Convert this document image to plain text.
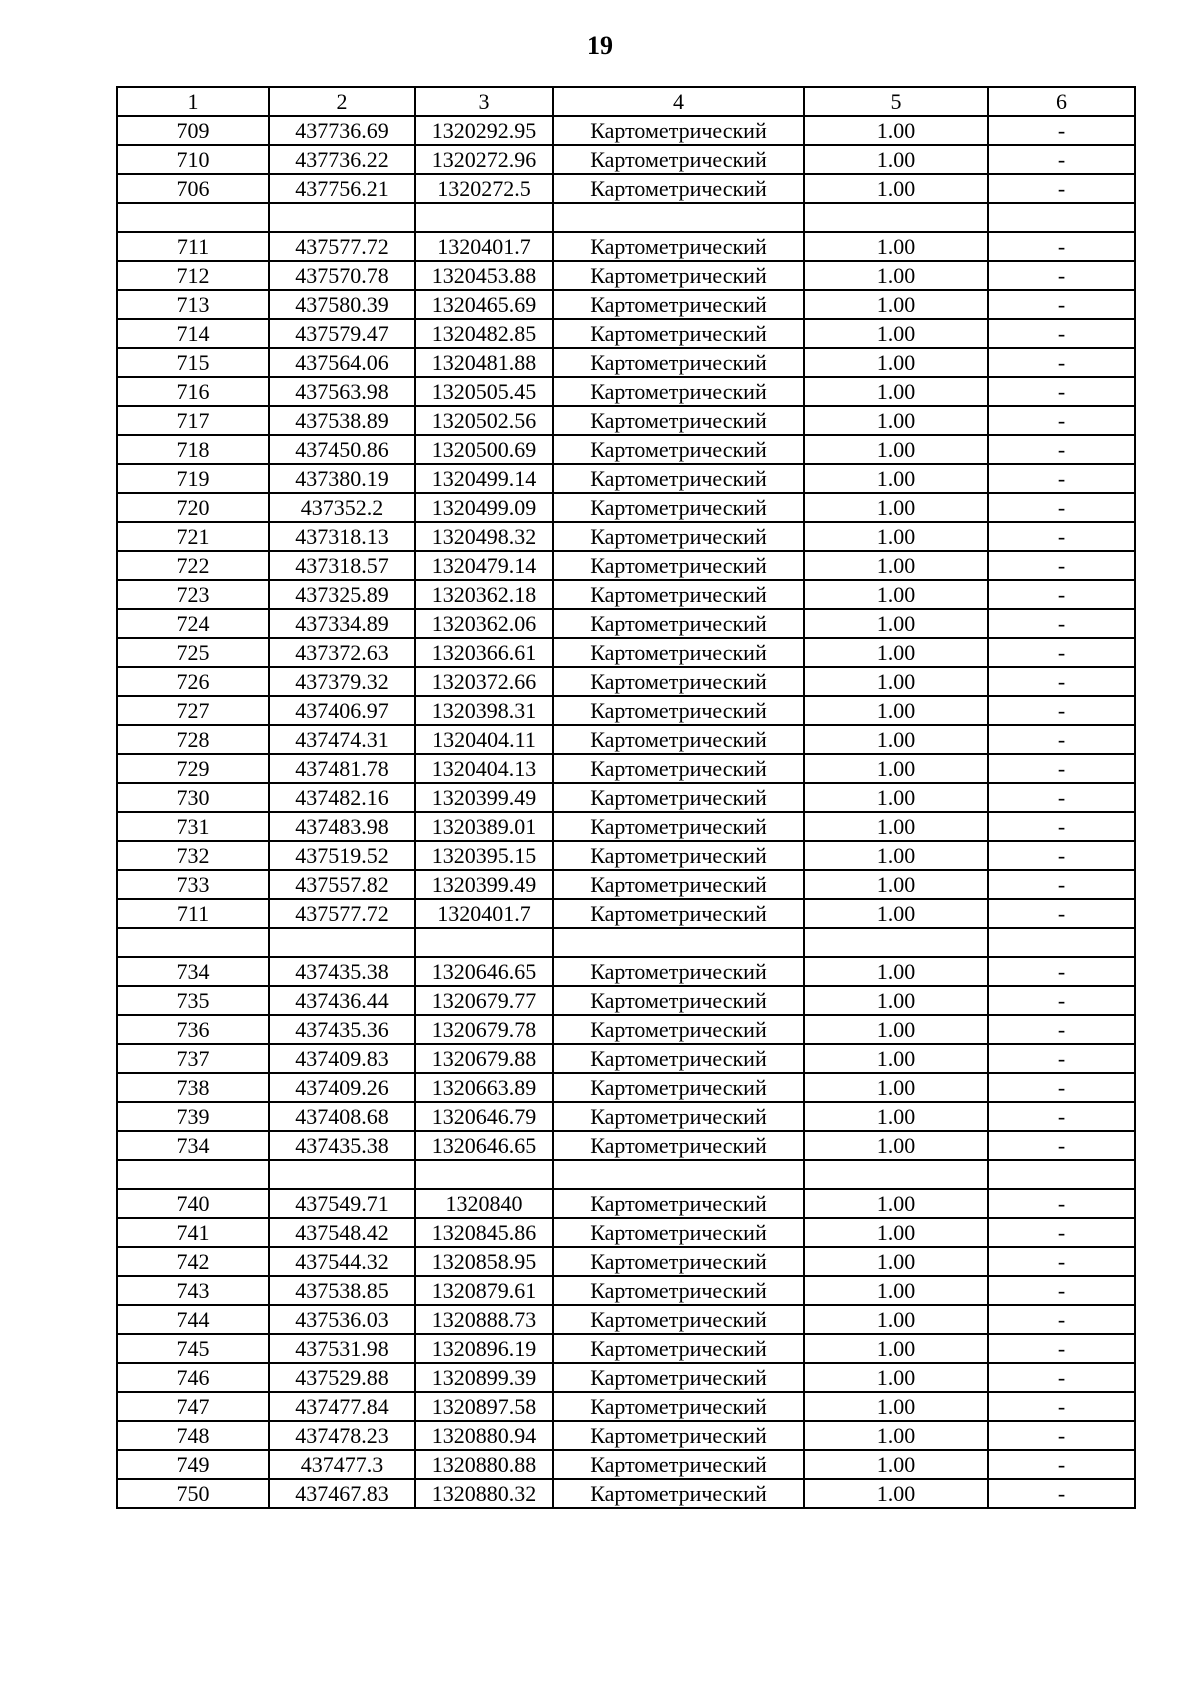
19
1	2	3	4	5	6
709	437736.69	1320292.95	Картометрический	1.00	-
710	437736.22	1320272.96	Картометрический	1.00	-
706	437756.21	1320272.5	Картометрический	1.00	-

711	437577.72	1320401.7	Картометрический	1.00	-
712	437570.78	1320453.88	Картометрический	1.00	-
713	437580.39	1320465.69	Картометрический	1.00	-
714	437579.47	1320482.85	Картометрический	1.00	-
715	437564.06	1320481.88	Картометрический	1.00	-
716	437563.98	1320505.45	Картометрический	1.00	-
717	437538.89	1320502.56	Картометрический	1.00	-
718	437450.86	1320500.69	Картометрический	1.00	-
719	437380.19	1320499.14	Картометрический	1.00	-
720	437352.2	1320499.09	Картометрический	1.00	-
721	437318.13	1320498.32	Картометрический	1.00	-
722	437318.57	1320479.14	Картометрический	1.00	-
723	437325.89	1320362.18	Картометрический	1.00	-
724	437334.89	1320362.06	Картометрический	1.00	-
725	437372.63	1320366.61	Картометрический	1.00	-
726	437379.32	1320372.66	Картометрический	1.00	-
727	437406.97	1320398.31	Картометрический	1.00	-
728	437474.31	1320404.11	Картометрический	1.00	-
729	437481.78	1320404.13	Картометрический	1.00	-
730	437482.16	1320399.49	Картометрический	1.00	-
731	437483.98	1320389.01	Картометрический	1.00	-
732	437519.52	1320395.15	Картометрический	1.00	-
733	437557.82	1320399.49	Картометрический	1.00	-
711	437577.72	1320401.7	Картометрический	1.00	-

734	437435.38	1320646.65	Картометрический	1.00	-
735	437436.44	1320679.77	Картометрический	1.00	-
736	437435.36	1320679.78	Картометрический	1.00	-
737	437409.83	1320679.88	Картометрический	1.00	-
738	437409.26	1320663.89	Картометрический	1.00	-
739	437408.68	1320646.79	Картометрический	1.00	-
734	437435.38	1320646.65	Картометрический	1.00	-

740	437549.71	1320840	Картометрический	1.00	-
741	437548.42	1320845.86	Картометрический	1.00	-
742	437544.32	1320858.95	Картометрический	1.00	-
743	437538.85	1320879.61	Картометрический	1.00	-
744	437536.03	1320888.73	Картометрический	1.00	-
745	437531.98	1320896.19	Картометрический	1.00	-
746	437529.88	1320899.39	Картометрический	1.00	-
747	437477.84	1320897.58	Картометрический	1.00	-
748	437478.23	1320880.94	Картометрический	1.00	-
749	437477.3	1320880.88	Картометрический	1.00	-
750	437467.83	1320880.32	Картометрический	1.00	-
